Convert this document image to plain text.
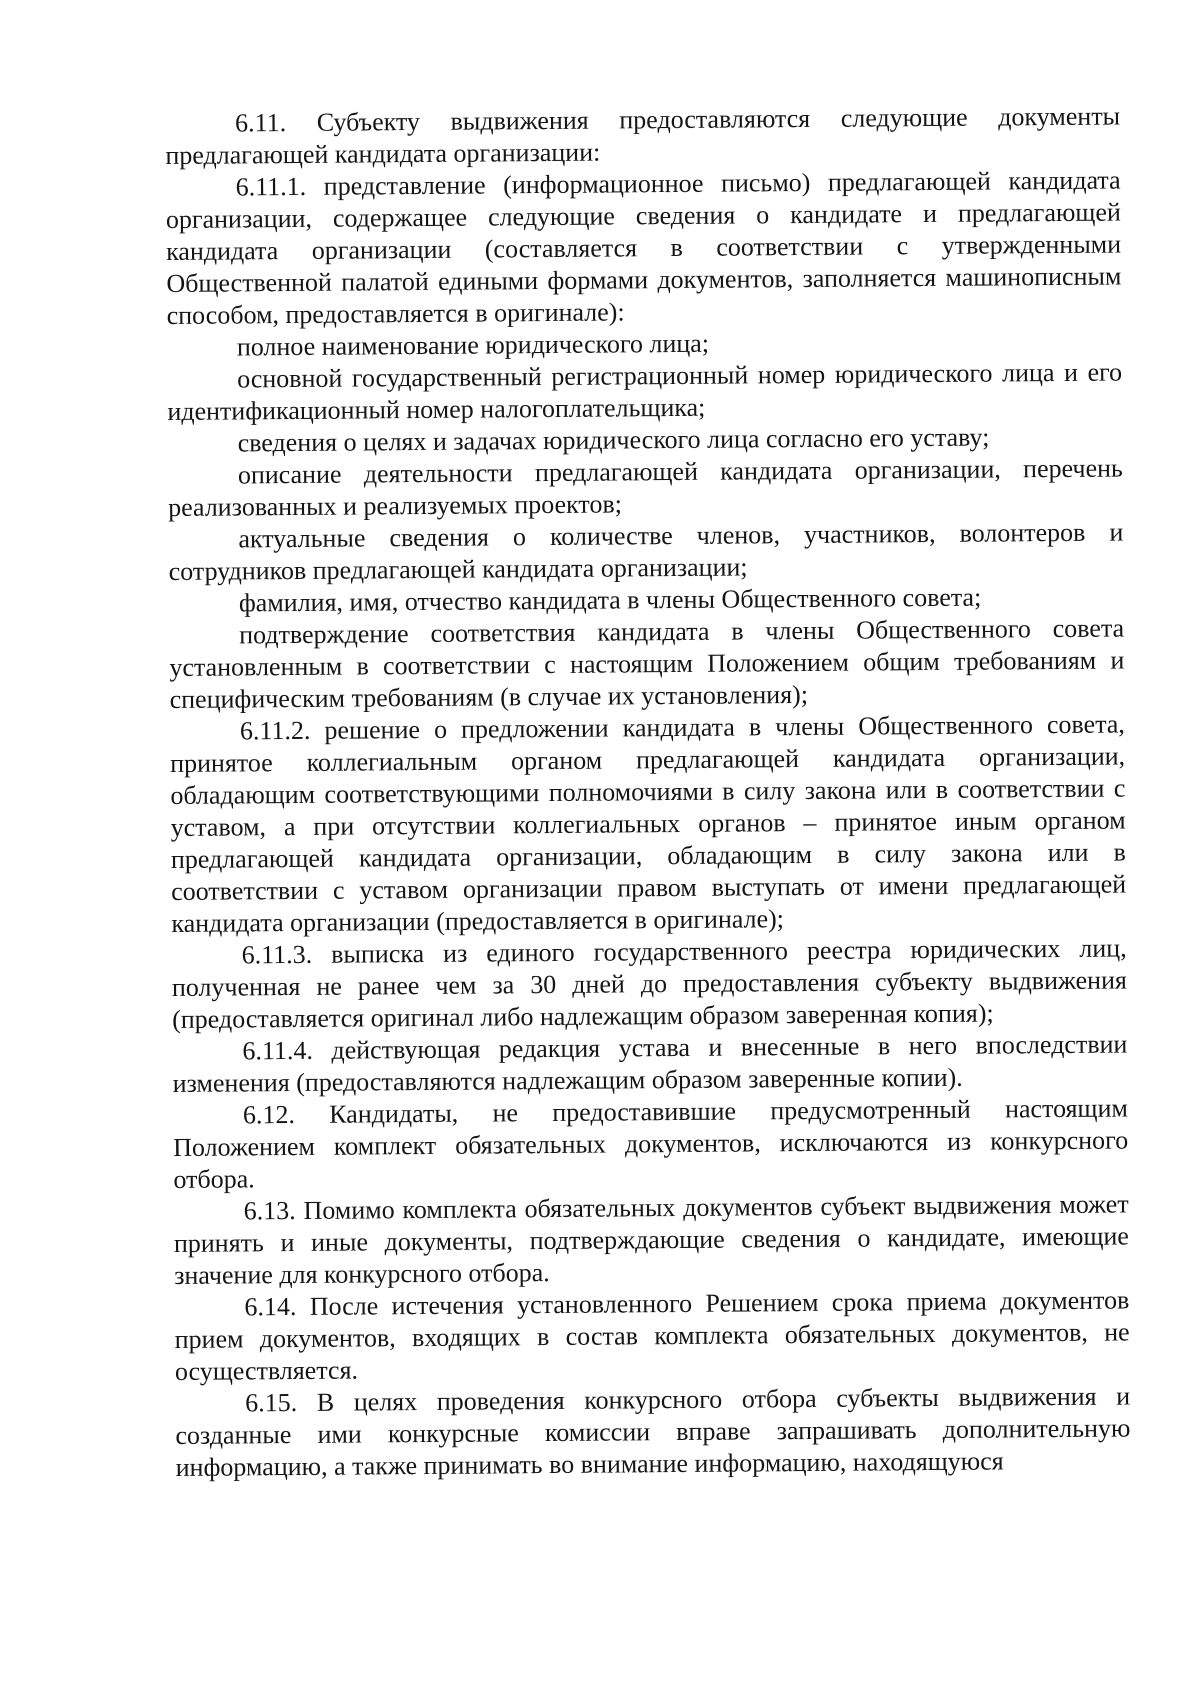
6.11. Субъекту выдвижения предоставляются следующие документы предлагающей кандидата организации:

6.11.1. представление (информационное письмо) предлагающей кандидата организации, содержащее следующие сведения о кандидате и предлагающей кандидата организации (составляется в соответствии с утвержденными Общественной палатой едиными формами документов, заполняется машинописным способом, предоставляется в оригинале):

полное наименование юридического лица;

основной государственный регистрационный номер юридического лица и его идентификационный номер налогоплательщика;

сведения о целях и задачах юридического лица согласно его уставу;

описание деятельности предлагающей кандидата организации, перечень реализованных и реализуемых проектов;

актуальные сведения о количестве членов, участников, волонтеров и сотрудников предлагающей кандидата организации;

фамилия, имя, отчество кандидата в члены Общественного совета;

подтверждение соответствия кандидата в члены Общественного совета установленным в соответствии с настоящим Положением общим требованиям и специфическим требованиям (в случае их установления);

6.11.2. решение о предложении кандидата в члены Общественного совета, принятое коллегиальным органом предлагающей кандидата организации, обладающим соответствующими полномочиями в силу закона или в соответствии с уставом, а при отсутствии коллегиальных органов – принятое иным органом предлагающей кандидата организации, обладающим в силу закона или в соответствии с уставом организации правом выступать от имени предлагающей кандидата организации (предоставляется в оригинале);

6.11.3. выписка из единого государственного реестра юридических лиц, полученная не ранее чем за 30 дней до предоставления субъекту выдвижения (предоставляется оригинал либо надлежащим образом заверенная копия);

6.11.4. действующая редакция устава и внесенные в него впоследствии изменения (предоставляются надлежащим образом заверенные копии).

6.12. Кандидаты, не предоставившие предусмотренный настоящим Положением комплект обязательных документов, исключаются из конкурсного отбора.

6.13. Помимо комплекта обязательных документов субъект выдвижения может принять и иные документы, подтверждающие сведения о кандидате, имеющие значение для конкурсного отбора.

6.14. После истечения установленного Решением срока приема документов прием документов, входящих в состав комплекта обязательных документов, не осуществляется.

6.15. В целях проведения конкурсного отбора субъекты выдвижения и созданные ими конкурсные комиссии вправе запрашивать дополнительную информацию, а также принимать во внимание информацию, находящуюся
